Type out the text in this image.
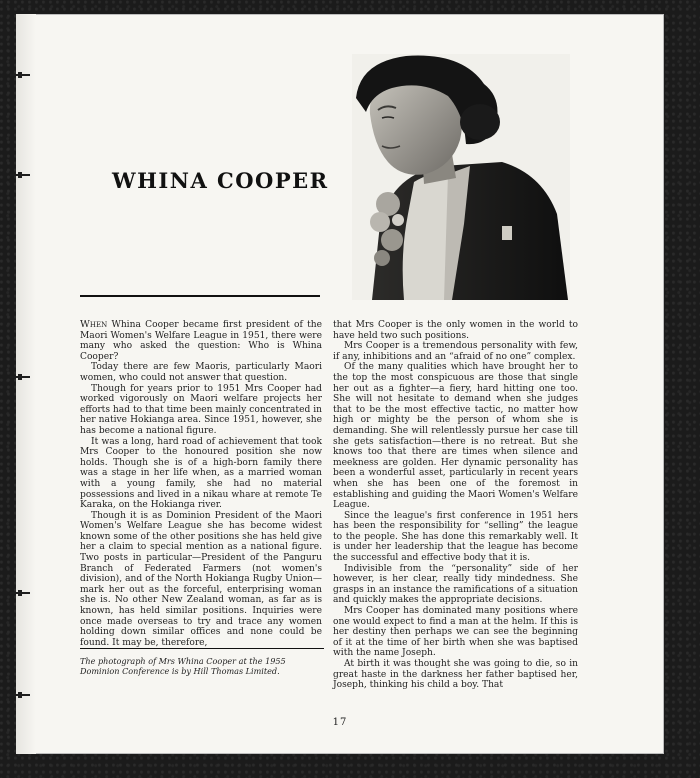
WHINA COOPER

When Whina Cooper became first president of the Maori Women's Welfare League in 1951, there were many who asked the question: Who is Whina Cooper?

Today there are few Maoris, particularly Maori women, who could not answer that question.

Though for years prior to 1951 Mrs Cooper had worked vigorously on Maori welfare projects her efforts had to that time been mainly concentrated in her native Hokianga area. Since 1951, however, she has become a national figure.

It was a long, hard road of achievement that took Mrs Cooper to the honoured position she now holds. Though she is of a high-born family there was a stage in her life when, as a married woman with a young family, she had no material possessions and lived in a nikau whare at remote Te Karaka, on the Hokianga river.

Though it is as Dominion President of the Maori Women's Welfare League she has become widest known some of the other positions she has held give her a claim to special mention as a national figure. Two posts in particular—President of the Panguru Branch of Federated Farmers (not women's division), and of the North Hokianga Rugby Union—mark her out as the forceful, enterprising woman she is. No other New Zealand woman, as far as is known, has held similar positions. Inquiries were once made overseas to try and trace any women holding down similar offices and none could be found. It may be, therefore,

that Mrs Cooper is the only women in the world to have held two such positions.

Mrs Cooper is a tremendous personality with few, if any, inhibitions and an “afraid of no one” complex.

Of the many qualities which have brought her to the top the most conspicuous are those that single her out as a fighter—a fiery, hard hitting one too. She will not hesitate to demand when she judges that to be the most effective tactic, no matter how high or mighty be the person of whom she is demanding. She will relentlessly pursue her case till she gets satisfaction—there is no retreat. But she knows too that there are times when silence and meekness are golden. Her dynamic personality has been a wonderful asset, particularly in recent years when she has been one of the foremost in establishing and guiding the Maori Women's Welfare League.

Since the league's first conference in 1951 hers has been the responsibility for “selling” the league to the people. She has done this remarkably well. It is under her leadership that the league has become the successful and effective body that it is.

Indivisible from the “personality” side of her however, is her clear, really tidy mindedness. She grasps in an instance the ramifications of a situation and quickly makes the appropriate decisions.

Mrs Cooper has dominated many positions where one would expect to find a man at the helm. If this is her destiny then perhaps we can see the beginning of it at the time of her birth when she was baptised with the name Joseph.

At birth it was thought she was going to die, so in great haste in the darkness her father baptised her, Joseph, thinking his child a boy. That

The photograph of Mrs Whina Cooper at the 1955 Dominion Conference is by Hill Thomas Limited.
17
